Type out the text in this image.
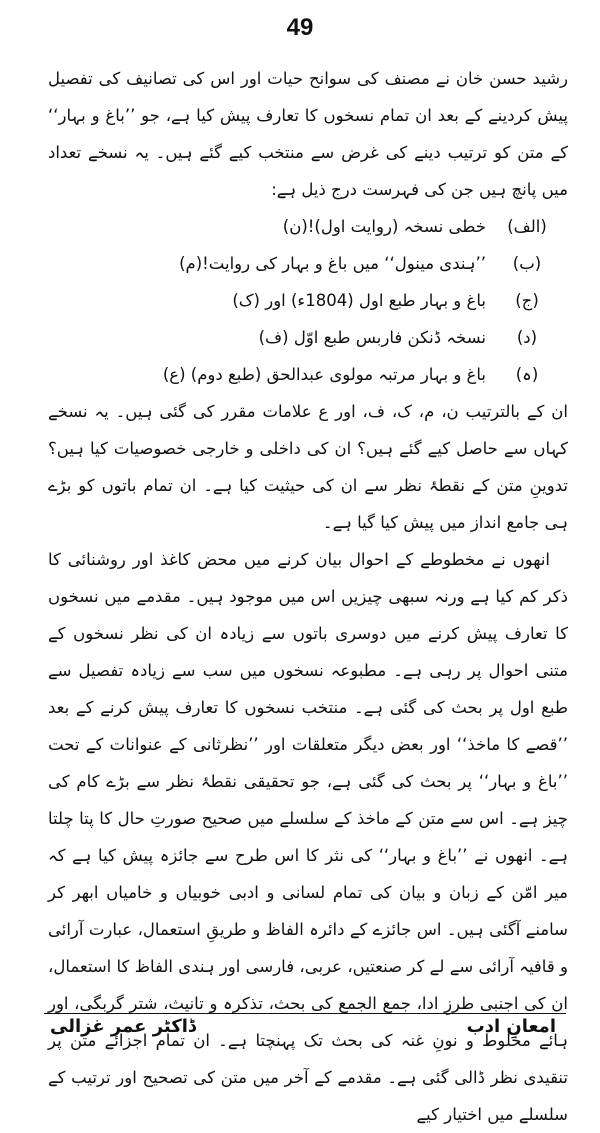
49

رشید حسن خان نے مصنف کی سوانح حیات اور اس کی تصانیف کی تفصیل پیش کردینے کے بعد ان تمام نسخوں کا تعارف پیش کیا ہے، جو ’’باغ و بہار‘‘ کے متن کو ترتیب دینے کی غرض سے منتخب کیے گئے ہیں۔ یہ نسخے تعداد میں پانچ ہیں جن کی فہرست درج ذیل ہے:

(الف)
خطی نسخہ (روایت اول)!(ن)
(ب)
’’ہندی مینول‘‘ میں باغ و بہار کی روایت!(م)
(ج)
باغ و بہار طبع اول (1804ء) اور (ک)
(د)
نسخہ ڈنکن فاربس طبع اوّل (ف)
(ہ)
باغ و بہار مرتبہ مولوی عبدالحق (طبع دوم) (ع)

ان کے بالترتیب ن، م، ک، ف، اور ع علامات مقرر کی گئی ہیں۔ یہ نسخے کہاں سے حاصل کیے گئے ہیں؟ ان کی داخلی و خارجی خصوصیات کیا ہیں؟ تدوینِ متن کے نقطۂ نظر سے ان کی حیثیت کیا ہے۔ ان تمام باتوں کو بڑے ہی جامع انداز میں پیش کیا گیا ہے۔

انھوں نے مخطوطے کے احوال بیان کرنے میں محض کاغذ اور روشنائی کا ذکر کم کیا ہے ورنہ سبھی چیزیں اس میں موجود ہیں۔ مقدمے میں نسخوں کا تعارف پیش کرنے میں دوسری باتوں سے زیادہ ان کی نظر نسخوں کے متنی احوال پر رہی ہے۔ مطبوعہ نسخوں میں سب سے زیادہ تفصیل سے طبع اول پر بحث کی گئی ہے۔ منتخب نسخوں کا تعارف پیش کرنے کے بعد ’’قصے کا ماخذ‘‘ اور بعض دیگر متعلقات اور ’’نظرثانی کے عنوانات کے تحت ’’باغ و بہار‘‘ پر بحث کی گئی ہے، جو تحقیقی نقطۂ نظر سے بڑے کام کی چیز ہے۔ اس سے متن کے ماخذ کے سلسلے میں صحیح صورتِ حال کا پتا چلتا ہے۔ انھوں نے ’’باغ و بہار‘‘ کی نثر کا اس طرح سے جائزہ پیش کیا ہے کہ میر امّن کے زبان و بیان کی تمام لسانی و ادبی خوبیاں و خامیاں ابھر کر سامنے آگئی ہیں۔ اس جائزے کے دائرہ الفاظ و طریقِ استعمال، عبارت آرائی و قافیہ آرائی سے لے کر صنعتیں، عربی، فارسی اور ہندی الفاظ کا استعمال، ان کی اجنبی طرزِ ادا، جمع الجمع کی بحث، تذکرہ و تانیث، شتر گربگی، اور ہائے مخلوط و نونِ غنہ کی بحث تک پہنچتا ہے۔ ان تمام اجزائے متن پر تنقیدی نظر ڈالی گئی ہے۔ مقدمے کے آخر میں متن کی تصحیح اور ترتیب کے سلسلے میں اختیار کیے

ڈاکٹر عمر غزالی	امعانِ ادب
